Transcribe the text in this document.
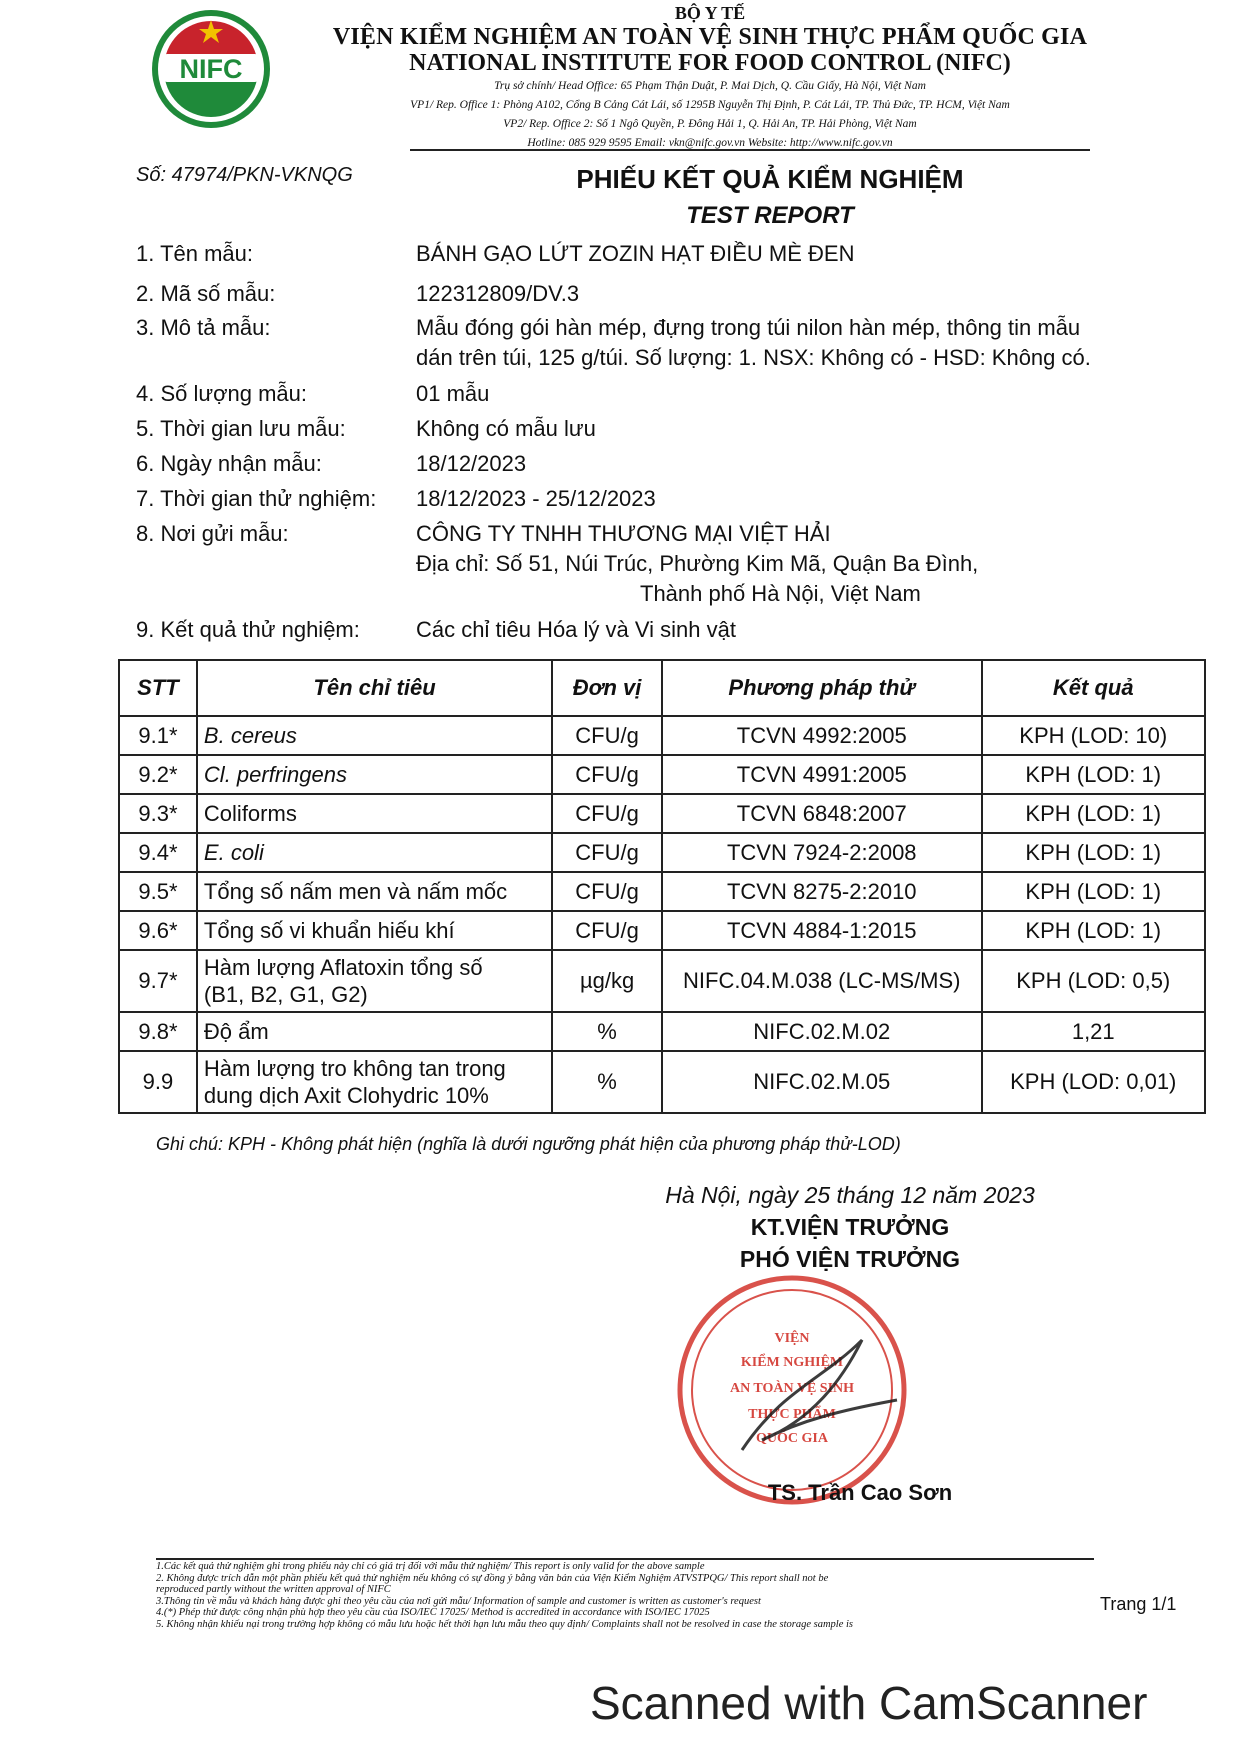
NIFC
BỘ Y TẾ
VIỆN KIỂM NGHIỆM AN TOÀN VỆ SINH THỰC PHẨM QUỐC GIA
NATIONAL INSTITUTE FOR FOOD CONTROL (NIFC)
Trụ sở chính/ Head Office: 65 Phạm Thận Duật, P. Mai Dịch, Q. Cầu Giấy, Hà Nội, Việt Nam
VP1/ Rep. Office 1: Phòng A102, Cổng B Cảng Cát Lái, số 1295B Nguyễn Thị Định, P. Cát Lái, TP. Thủ Đức, TP. HCM, Việt Nam
VP2/ Rep. Office 2: Số 1 Ngô Quyền, P. Đông Hải 1, Q. Hải An, TP. Hải Phòng, Việt Nam
Hotline: 085 929 9595 Email: vkn@nifc.gov.vn Website: http://www.nifc.gov.vn
Số: 47974/PKN-VKNQG	PHIẾU KẾT QUẢ KIỂM NGHIỆM
TEST REPORT
1. Tên mẫu:	BÁNH GẠO LỨT ZOZIN HẠT ĐIỀU MÈ ĐEN
2. Mã số mẫu:	122312809/DV.3
3. Mô tả mẫu:	Mẫu đóng gói hàn mép, đựng trong túi nilon hàn mép, thông tin mẫu
dán trên túi, 125 g/túi. Số lượng: 1. NSX: Không có - HSD: Không có.
4. Số lượng mẫu:	01 mẫu
5. Thời gian lưu mẫu:	Không có mẫu lưu
6. Ngày nhận mẫu:	18/12/2023
7. Thời gian thử nghiệm: 18/12/2023 - 25/12/2023
8. Nơi gửi mẫu:	CÔNG TY TNHH THƯƠNG MẠI VIỆT HẢI
Địa chỉ: Số 51, Núi Trúc, Phường Kim Mã, Quận Ba Đình,
Thành phố Hà Nội, Việt Nam
9. Kết quả thử nghiệm:	Các chỉ tiêu Hóa lý và Vi sinh vật
STT	Tên chỉ tiêu	Đơn vị	Phương pháp thử	Kết quả
9.1*	B. cereus	CFU/g	TCVN 4992:2005	KPH (LOD: 10)
9.2*	Cl. perfringens	CFU/g	TCVN 4991:2005	KPH (LOD: 1)
9.3*	Coliforms	CFU/g	TCVN 6848:2007	KPH (LOD: 1)
9.4*	E. coli	CFU/g	TCVN 7924-2:2008	KPH (LOD: 1)
9.5*	Tổng số nấm men và nấm mốc	CFU/g	TCVN 8275-2:2010	KPH (LOD: 1)
9.6*	Tổng số vi khuẩn hiếu khí	CFU/g	TCVN 4884-1:2015	KPH (LOD: 1)
9.7*	Hàm lượng Aflatoxin tổng số
(B1, B2, G1, G2)	µg/kg	NIFC.04.M.038 (LC-MS/MS)	KPH (LOD: 0,5)
9.8*	Độ ẩm	%	NIFC.02.M.02	1,21
9.9	Hàm lượng tro không tan trong
dung dịch Axit Clohydric 10%	%	NIFC.02.M.05	KPH (LOD: 0,01)
Ghi chú: KPH - Không phát hiện (nghĩa là dưới ngưỡng phát hiện của phương pháp thử-LOD)
Hà Nội, ngày 25 tháng 12 năm 2023
KT.VIỆN TRƯỞNG
PHÓ VIỆN TRƯỞNG
VIỆN
KIỂM NGHIỆM
AN TOÀN VỆ SINH
THỰC PHẨM
QUỐC GIA
TS. Trần Cao Sơn
1.Các kết quả thử nghiệm ghi trong phiếu này chỉ có giá trị đối với mẫu thử nghiệm/ This report is only valid for the above sample
2. Không được trích dẫn một phần phiếu kết quả thử nghiệm nếu không có sự đồng ý bằng văn bản của Viện Kiểm Nghiệm ATVSTPQG/ This report shall not be
reproduced partly without the written approval of NIFC
3.Thông tin về mẫu và khách hàng được ghi theo yêu cầu của nơi gửi mẫu/ Information of sample and customer is written as customer's request
4.(*) Phép thử được công nhận phù hợp theo yêu cầu của ISO/IEC 17025/ Method is accredited in accordance with ISO/IEC 17025
5. Không nhận khiếu nại trong trường hợp không có mẫu lưu hoặc hết thời hạn lưu mẫu theo quy định/ Complaints shall not be resolved in case the storage sample is
Trang 1/1
Scanned with CamScanner
